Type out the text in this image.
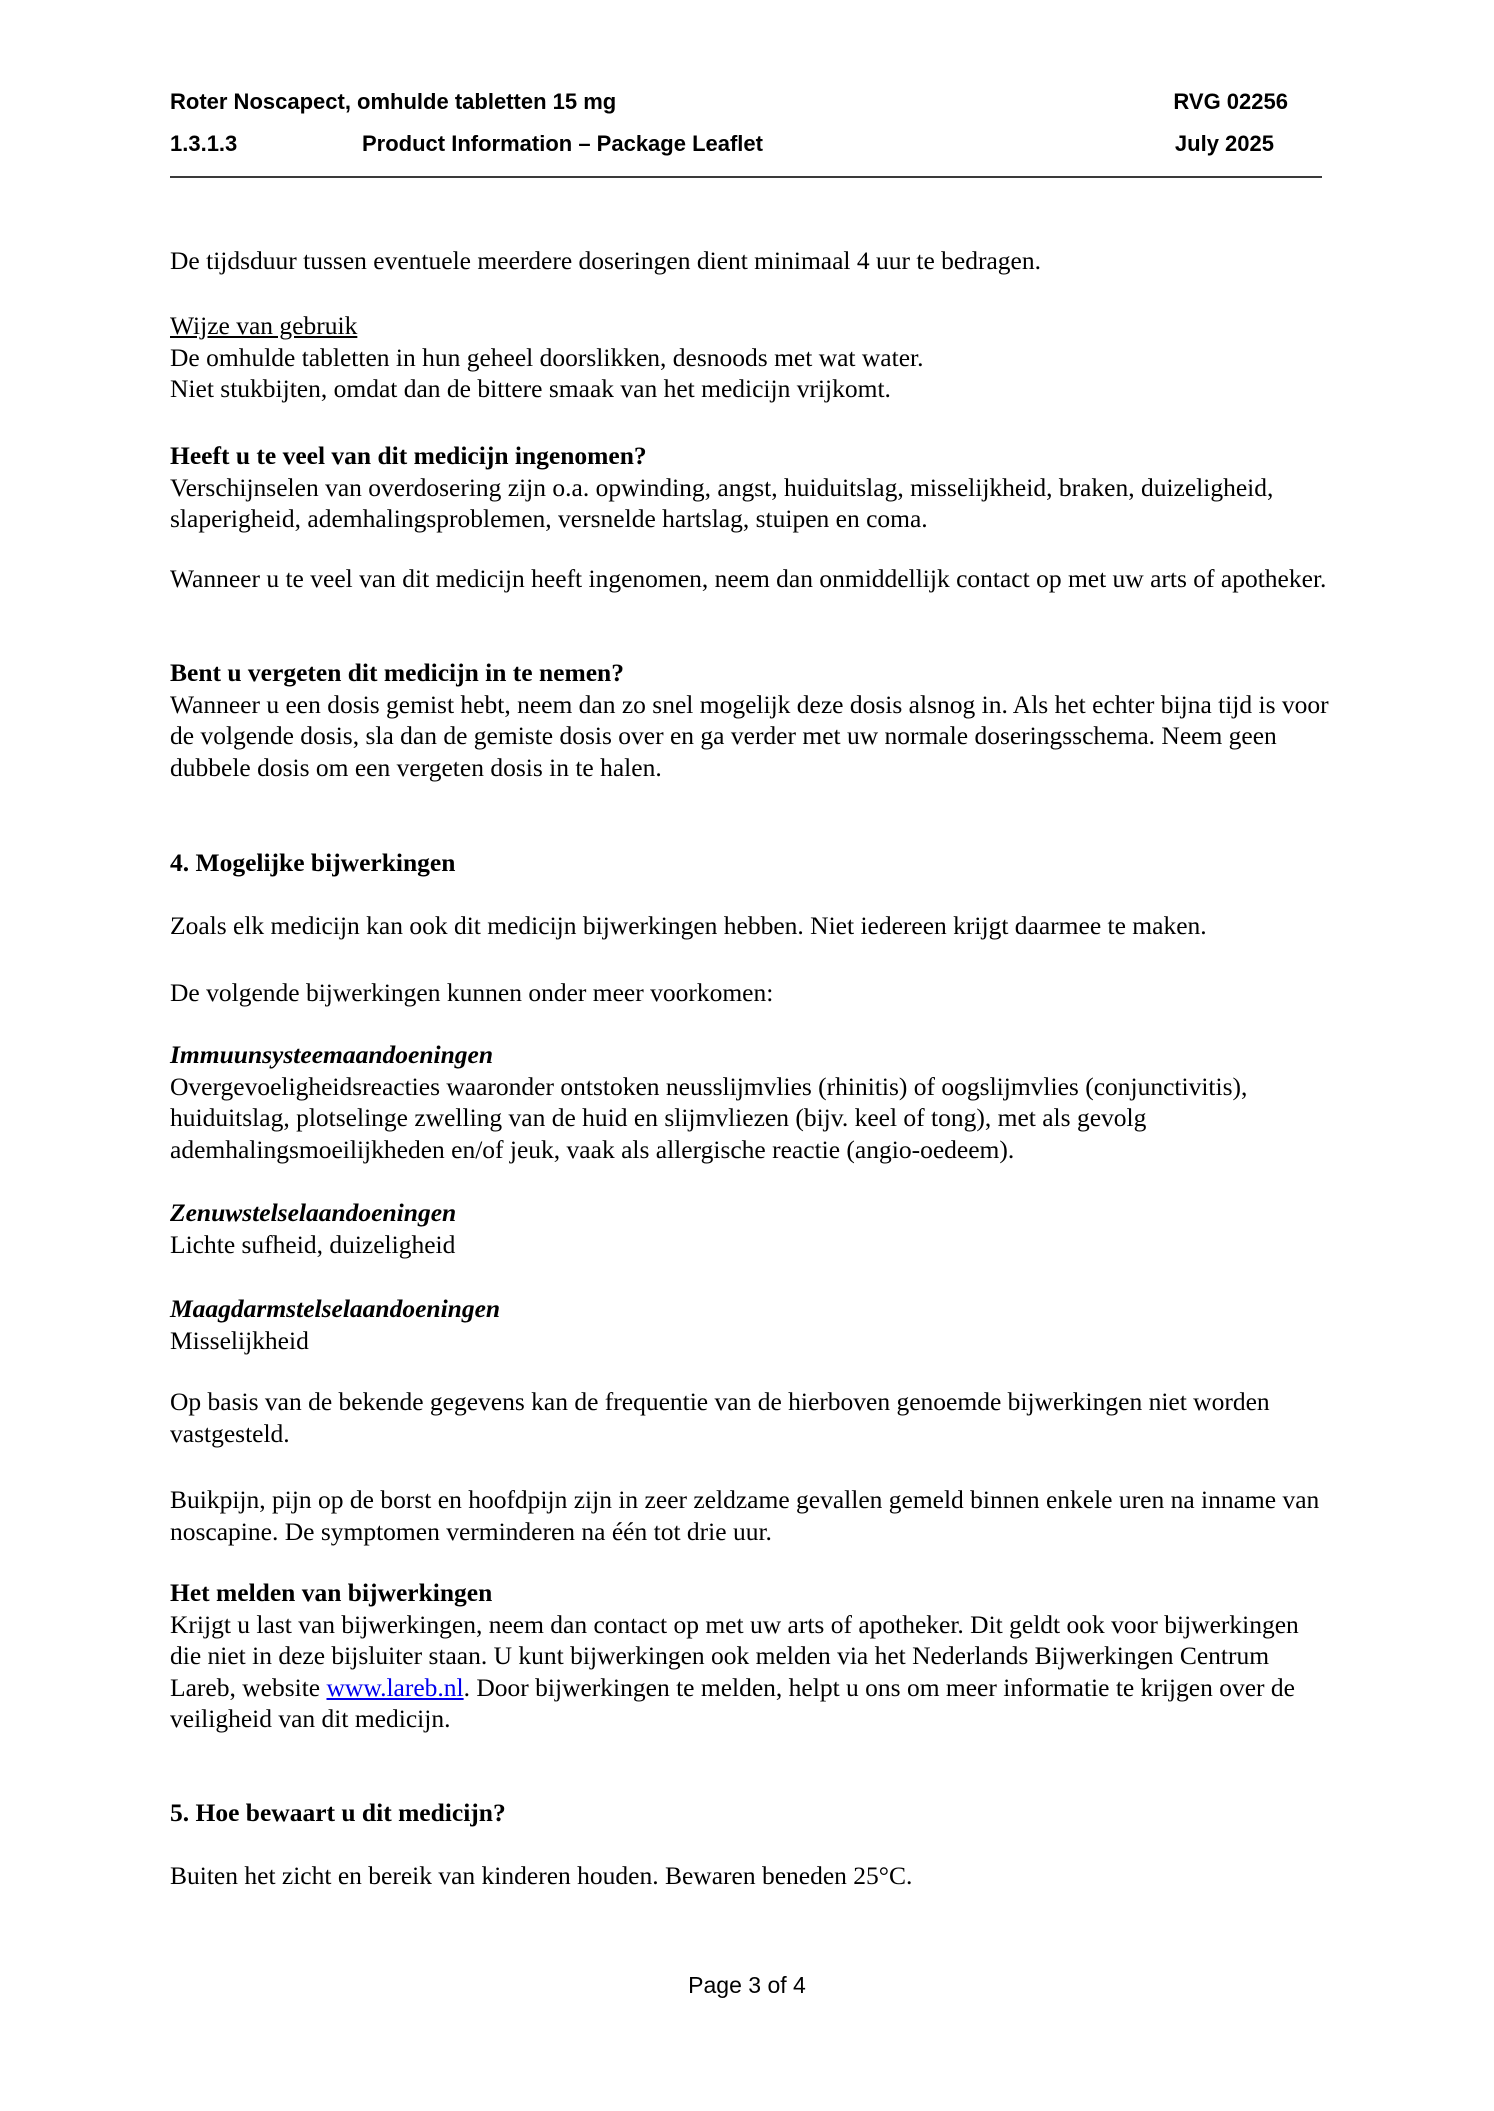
Roter Noscapect, omhulde tabletten 15 mg	RVG 02256
1.3.1.3	Product Information – Package Leaflet	July 2025
De tijdsduur tussen eventuele meerdere doseringen dient minimaal 4 uur te bedragen.
Wijze van gebruik
De omhulde tabletten in hun geheel doorslikken, desnoods met wat water.
Niet stukbijten, omdat dan de bittere smaak van het medicijn vrijkomt.
Heeft u te veel van dit medicijn ingenomen?
Verschijnselen van overdosering zijn o.a. opwinding, angst, huiduitslag, misselijkheid, braken, duizeligheid, slaperigheid, ademhalingsproblemen, versnelde hartslag, stuipen en coma.
Wanneer u te veel van dit medicijn heeft ingenomen, neem dan onmiddellijk contact op met uw arts of apotheker.
Bent u vergeten dit medicijn in te nemen?
Wanneer u een dosis gemist hebt, neem dan zo snel mogelijk deze dosis alsnog in. Als het echter bijna tijd is voor de volgende dosis, sla dan de gemiste dosis over en ga verder met uw normale doseringsschema. Neem geen dubbele dosis om een vergeten dosis in te halen.
4. Mogelijke bijwerkingen
Zoals elk medicijn kan ook dit medicijn bijwerkingen hebben. Niet iedereen krijgt daarmee te maken.
De volgende bijwerkingen kunnen onder meer voorkomen:
Immuunsysteemaandoeningen
Overgevoeligheidsreacties waaronder ontstoken neusslijmvlies (rhinitis) of oogslijmvlies (conjunctivitis), huiduitslag, plotselinge zwelling van de huid en slijmvliezen (bijv. keel of tong), met als gevolg ademhalingsmoeilijkheden en/of jeuk, vaak als allergische reactie (angio-oedeem).
Zenuwstelselaandoeningen
Lichte sufheid, duizeligheid
Maagdarmstelselaandoeningen
Misselijkheid
Op basis van de bekende gegevens kan de frequentie van de hierboven genoemde bijwerkingen niet worden vastgesteld.
Buikpijn, pijn op de borst en hoofdpijn zijn in zeer zeldzame gevallen gemeld binnen enkele uren na inname van noscapine. De symptomen verminderen na één tot drie uur.
Het melden van bijwerkingen
Krijgt u last van bijwerkingen, neem dan contact op met uw arts of apotheker. Dit geldt ook voor bijwerkingen die niet in deze bijsluiter staan. U kunt bijwerkingen ook melden via het Nederlands Bijwerkingen Centrum Lareb, website www.lareb.nl. Door bijwerkingen te melden, helpt u ons om meer informatie te krijgen over de veiligheid van dit medicijn.
5. Hoe bewaart u dit medicijn?
Buiten het zicht en bereik van kinderen houden. Bewaren beneden 25°C.
Page 3 of 4
